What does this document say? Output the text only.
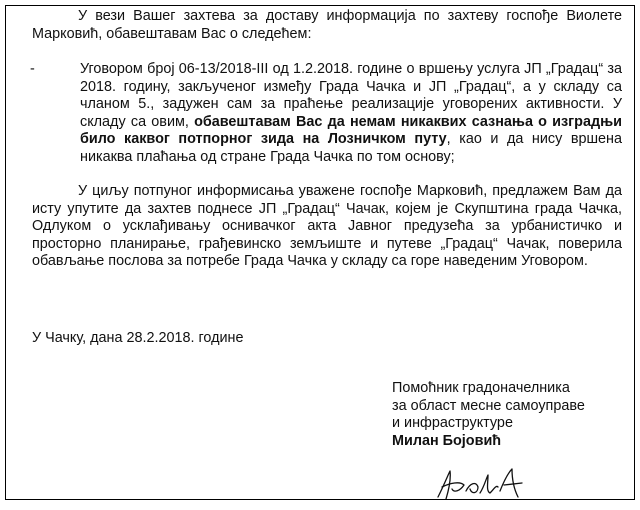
У вези Вашег захтева за доставу информација по захтеву госпође Виолете Марковић, обавештавам Вас о следећем:

-	Уговором број 06-13/2018-III од 1.2.2018. године о вршењу услуга ЈП „Градац“ за 2018. годину, закљученог између Града Чачка и ЈП „Градац“, а у складу са чланом 5., задужен сам за праћење реализације уговорених активности. У складу са овим, обавештавам Вас да немам никаквих сазнања о изградњи било каквог потпорног зида на Лозничком путу, као и да нису вршена никаква плаћања од стране Града Чачка по том основу;

У циљу потпуног информисања уважене госпође Марковић, предлажем Вам да исту упутите да захтев поднесе ЈП „Градац“ Чачак, којем је Скупштина града Чачка, Одлуком о усклађивању оснивачког акта Јавног предузећа за урбанистичко и просторно планирање, грађевинско земљиште и путеве „Градац“ Чачак, поверила обављање послова за потребе Града Чачка у складу са горе наведеним Уговором.

У Чачку, дана 28.2.2018. године

Помоћник градоначелника
за област месне самоуправе
и инфраструктуре
Милан Бојовић
